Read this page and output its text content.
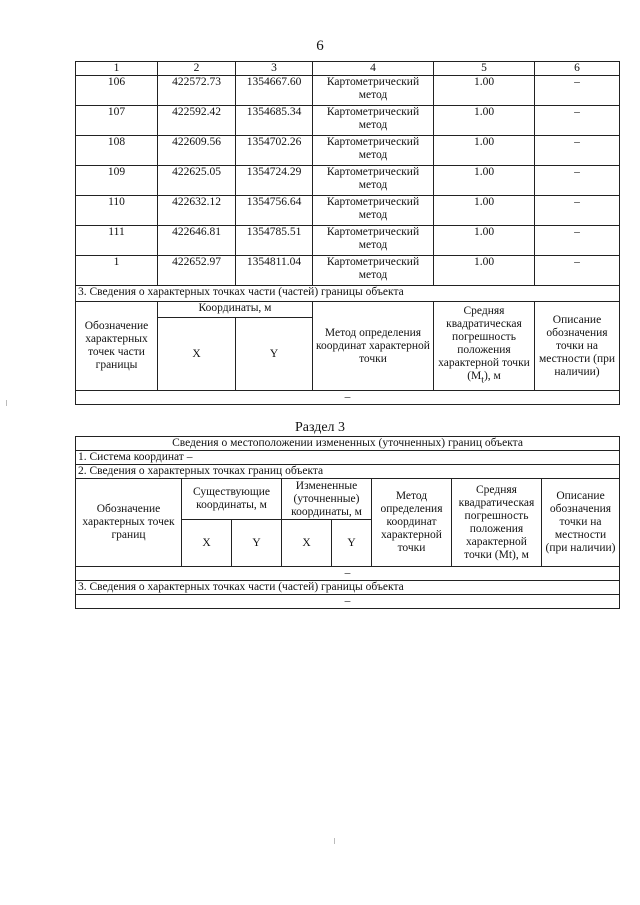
6
1	2	3	4	5	6
106	422572.73	1354667.60	Картометрический метод	1.00	–
107	422592.42	1354685.34	Картометрический метод	1.00	–
108	422609.56	1354702.26	Картометрический метод	1.00	–
109	422625.05	1354724.29	Картометрический метод	1.00	–
110	422632.12	1354756.64	Картометрический метод	1.00	–
111	422646.81	1354785.51	Картометрический метод	1.00	–
1	422652.97	1354811.04	Картометрический метод	1.00	–
3. Сведения о характерных точках части (частей) границы объекта					
Обозначение характерных точек части границы	Координаты, м		Метод определения координат характерной точки	Средняя квадратическая погрешность положения характерной точки $(M_t)$, м	Описание обозначения точки на местности (при наличии)
	X	Y			
–					
Раздел 3
Сведения о местоположении измененных (уточненных) границ объекта							
1. Система координат –							
2. Сведения о характерных точках границ объекта							
Обозначение характерных точек границ	Существующие координаты, м		Измененные (уточненные) координаты, м		Метод определения координат характерной точки	Средняя квадратическая погрешность положения характерной точки (Mt), м	Описание обозначения точки на местности (при наличии)
	X	Y	X	Y			
–							
3. Сведения о характерных точках части (частей) границы объекта							
–							
